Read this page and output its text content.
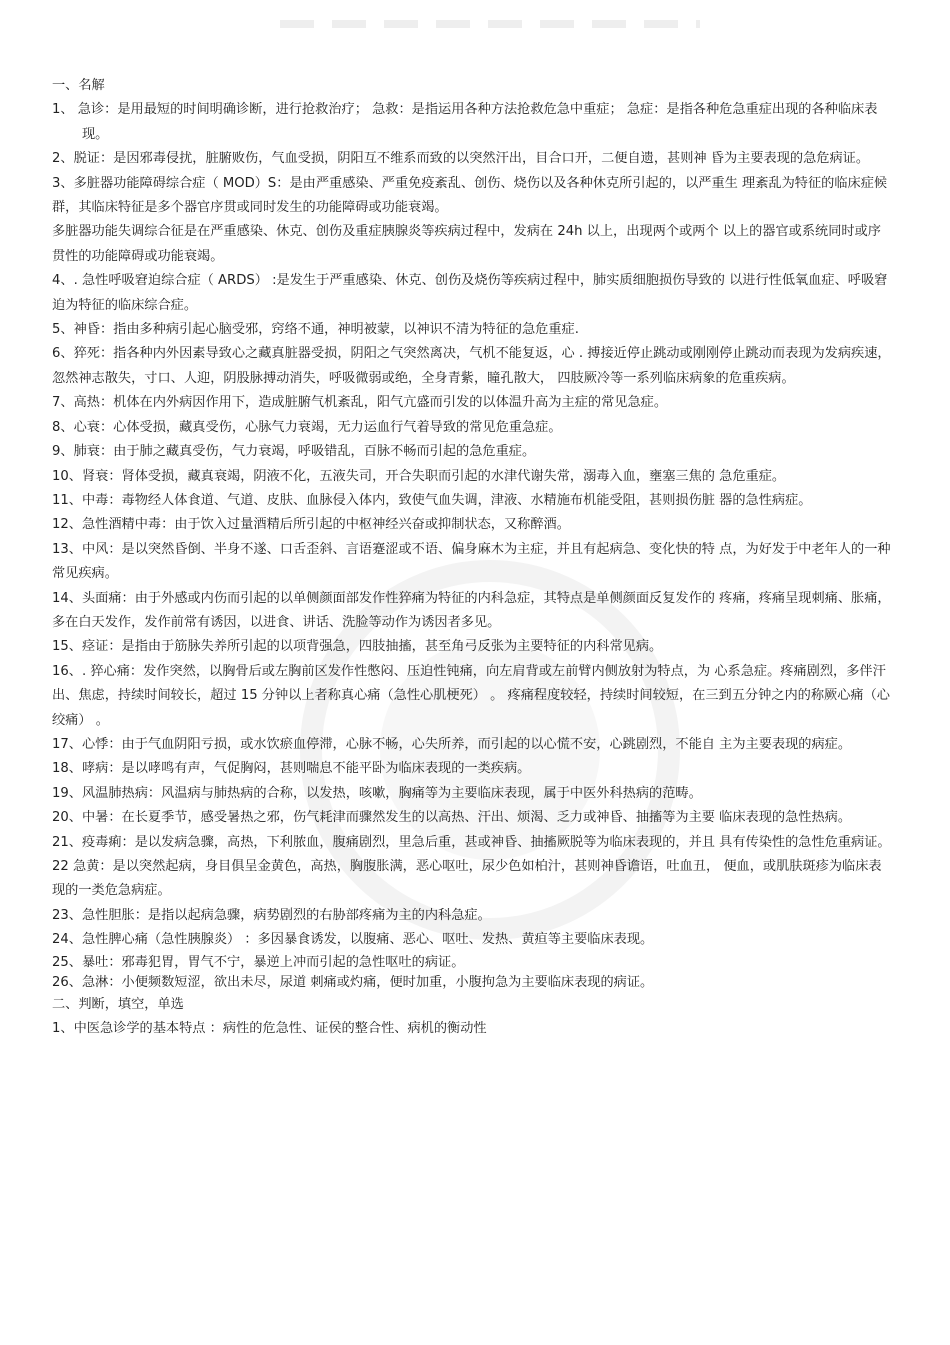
一、名解

1、 急诊：是用最短的时间明确诊断，进行抢救治疗； 急救：是指运用各种方法抢救危急中重症； 急症：是指各种危急重症出现的各种临床表现。

2、脱证：是因邪毒侵扰，脏腑败伤，气血受损，阴阳互不维系而致的以突然汗出，目合口开，二便自遗，甚则神 昏为主要表现的急危病证。

3、多脏器功能障碍综合症（ MOD）S：是由严重感染、严重免疫紊乱、创伤、烧伤以及各种休克所引起的，以严重生 理紊乱为特征的临床症候群，其临床特征是多个器官序贯或同时发生的功能障碍或功能衰竭。

多脏器功能失调综合征是在严重感染、休克、创伤及重症胰腺炎等疾病过程中，发病在 24h 以上，出现两个或两个 以上的器官或系统同时或序贯性的功能障碍或功能衰竭。

4、. 急性呼吸窘迫综合症（ ARDS） :是发生于严重感染、休克、创伤及烧伤等疾病过程中，肺实质细胞损伤导致的 以进行性低氧血症、呼吸窘迫为特征的临床综合症。

5、神昏：指由多种病引起心脑受邪，窍络不通，神明被蒙，以神识不清为特征的急危重症.

6、猝死：指各种内外因素导致心之藏真脏器受损，阴阳之气突然离决，气机不能复返，心 . 搏接近停止跳动或刚刚停止跳动而表现为发病疾速，忽然神志散失，寸口、人迎，阴股脉搏动消失，呼吸微弱或绝，全身青紫，瞳孔散大， 四肢厥冷等一系列临床病象的危重疾病。

7、高热：机体在内外病因作用下，造成脏腑气机紊乱，阳气亢盛而引发的以体温升高为主症的常见急症。

8、心衰：心体受损，藏真受伤，心脉气力衰竭，无力运血行气着导致的常见危重急症。

9、肺衰：由于肺之藏真受伤，气力衰竭，呼吸错乱，百脉不畅而引起的急危重症。

10、肾衰：肾体受损，藏真衰竭，阴液不化，五液失司，开合失职而引起的水津代谢失常，溺毒入血，壅塞三焦的 急危重症。

11、中毒：毒物经人体食道、气道、皮肤、血脉侵入体内，致使气血失调，津液、水精施布机能受阻，甚则损伤脏 器的急性病症。

12、急性酒精中毒：由于饮入过量酒精后所引起的中枢神经兴奋或抑制状态，又称醉酒。

13、中风：是以突然昏倒、半身不遂、口舌歪斜、言语蹇涩或不语、偏身麻木为主症，并且有起病急、变化快的特 点，为好发于中老年人的一种常见疾病。

14、头面痛：由于外感或内伤而引起的以单侧颜面部发作性猝痛为特征的内科急症，其特点是单侧颜面反复发作的 疼痛，疼痛呈现刺痛、胀痛，多在白天发作，发作前常有诱因，以进食、讲话、洗脸等动作为诱因者多见。

15、痉证：是指由于筋脉失养所引起的以项背强急，四肢抽搐，甚至角弓反张为主要特征的内科常见病。

16、. 猝心痛：发作突然，以胸骨后或左胸前区发作性憋闷、压迫性钝痛，向左肩背或左前臂内侧放射为特点，为 心系急症。疼痛剧烈，多伴汗出、焦虑，持续时间较长，超过 15 分钟以上者称真心痛（急性心肌梗死） 。 疼痛程度较轻，持续时间较短，在三到五分钟之内的称厥心痛（心绞痛） 。

17、心悸：由于气血阴阳亏损，或水饮瘀血停滞，心脉不畅，心失所养，而引起的以心慌不安，心跳剧烈，不能自 主为主要表现的病症。

18、哮病：是以哮鸣有声，气促胸闷，甚则喘息不能平卧为临床表现的一类疾病。

19、风温肺热病：风温病与肺热病的合称，以发热，咳嗽，胸痛等为主要临床表现，属于中医外科热病的范畴。

20、中暑：在长夏季节，感受暑热之邪，伤气耗津而骤然发生的以高热、汗出、烦渴、乏力或神昏、抽搐等为主要 临床表现的急性热病。

21、疫毒痢：是以发病急骤，高热，下利脓血，腹痛剧烈，里急后重，甚或神昏、抽搐厥脱等为临床表现的，并且 具有传染性的急性危重病证。

22 急黄：是以突然起病，身目俱呈金黄色，高热，胸腹胀满，恶心呕吐，尿少色如柏汁，甚则神昏谵语，吐血丑， 便血，或肌肤斑疹为临床表现的一类危急病症。

23、急性胆胀：是指以起病急骤，病势剧烈的右胁部疼痛为主的内科急症。

24、急性脾心痛（急性胰腺炎） ：多因暴食诱发，以腹痛、恶心、呕吐、发热、黄疸等主要临床表现。

25、暴吐：邪毒犯胃，胃气不宁，暴逆上冲而引起的急性呕吐的病证。

26、急淋：小便频数短涩，欲出未尽，尿道 刺痛或灼痛，便时加重，小腹拘急为主要临床表现的病证。

二、判断，填空，单选

1、中医急诊学的基本特点 ：病性的危急性、证侯的整合性、病机的衡动性
